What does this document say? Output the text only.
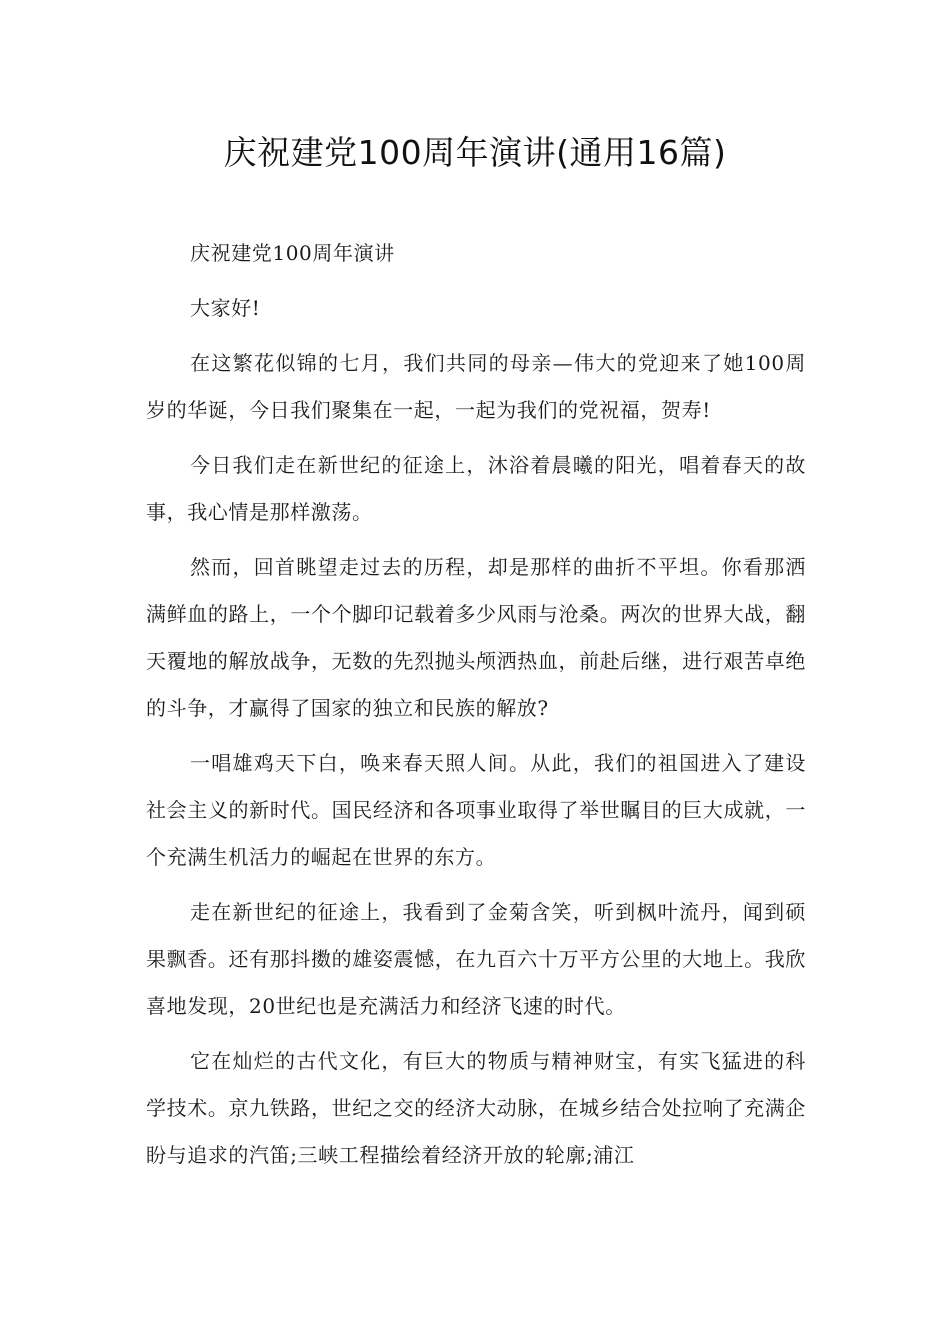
庆祝建党100周年演讲(通用16篇)

庆祝建党100周年演讲

大家好!

在这繁花似锦的七月，我们共同的母亲—伟大的党迎来了她100周岁的华诞，今日我们聚集在一起，一起为我们的党祝福，贺寿!

今日我们走在新世纪的征途上，沐浴着晨曦的阳光，唱着春天的故事，我心情是那样激荡。

然而，回首眺望走过去的历程，却是那样的曲折不平坦。你看那洒满鲜血的路上，一个个脚印记载着多少风雨与沧桑。两次的世界大战，翻天覆地的解放战争，无数的先烈抛头颅洒热血，前赴后继，进行艰苦卓绝的斗争，才赢得了国家的独立和民族的解放?

一唱雄鸡天下白，唤来春天照人间。从此，我们的祖国进入了建设社会主义的新时代。国民经济和各项事业取得了举世瞩目的巨大成就，一个充满生机活力的崛起在世界的东方。

走在新世纪的征途上，我看到了金菊含笑，听到枫叶流丹，闻到硕果飘香。还有那抖擞的雄姿震憾，在九百六十万平方公里的大地上。我欣喜地发现，20世纪也是充满活力和经济飞速的时代。

它在灿烂的古代文化，有巨大的物质与精神财宝，有实飞猛进的科学技术。京九铁路，世纪之交的经济大动脉，在城乡结合处拉响了充满企盼与追求的汽笛;三峡工程描绘着经济开放的轮廓;浦江
